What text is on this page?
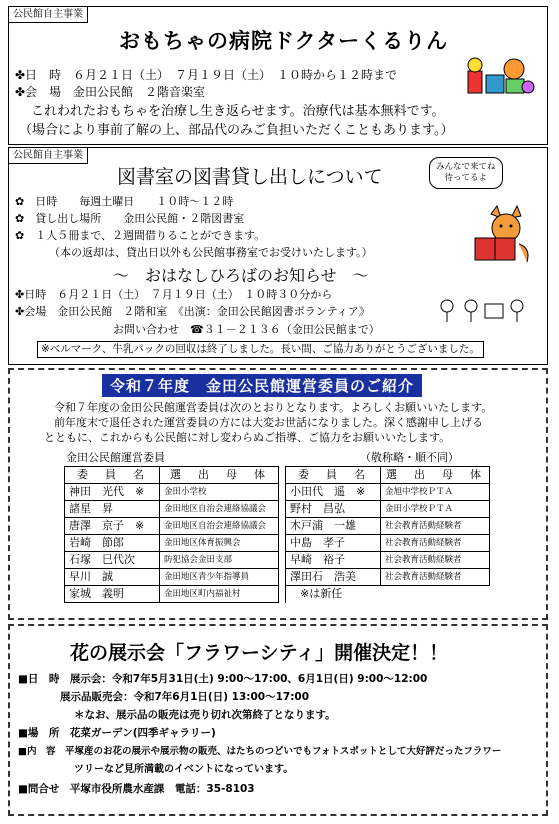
公民館自主事業
おもちゃの病院ドクターくるりん
✤日　時　６月２１日（土）　７月１９日（土）　１０時から１２時まで
✤会　場　金田公民館　２階音楽室
これわれたおもちゃを治療し生き返らせます。治療代は基本無料です。
（場合により事前了解の上、部品代のみご負担いただくこともあります。）
公民館自主事業
図書室の図書貸し出しについて	みんなで来てね
待ってるよ
✿　日時　　毎週土曜日　　１０時～１２時
✿　貸し出し場所　　金田公民館・２階図書室
✿　１人５冊まで、２週間借りることができます。
（本の返却は、貸出日以外も公民館事務室でお受けいたします。）
～　おはなしひろばのお知らせ　～
✤日時　６月２１日（土）　７月１９日（土）　１０時３０分から
✤会場　金田公民館　２階和室　《出演：金田公民館図書ボランティア》
お問い合わせ　☎３１－２１３６（金田公民館まで）
※ベルマーク、牛乳パックの回収は終了しました。長い間、ご協力ありがとうございました。
令和７年度　金田公民館運営委員のご紹介
令和７年度の金田公民館運営委員は次のとおりとなります。よろしくお願いいたします。
前年度末で退任された運営委員の方には大変お世話になりました。深く感謝申し上げる
とともに、これからも公民館に対し変わらぬご指導、ご協力をお願いいたします。
金田公民館運営委員	（敬称略・順不同）
委　員　名	選　出　母　体		委　員　名	選　出　母　体
神田　光代　※	金田小学校		小田代　遥　※	金旭中学校ＰＴＡ
諸星　昇	金田地区自治会連絡協議会		野村　昌弘	金田小学校ＰＴＡ
唐澤　京子　※	金田地区自治会連絡協議会		木戸浦　一雄	社会教育活動経験者
岩崎　節郎	金田地区体育振興会		中島　孝子	社会教育活動経験者
石塚　巳代次	防犯協会金田支部		早崎　裕子	社会教育活動経験者
早川　誠	金田地区青少年指導員		澤田石　浩美	社会教育活動経験者
家城　義明	金田地区町内福祉村		※は新任	
花の展示会「フラワーシティ」開催決定！！
■日　時　展示会：令和7年5月31日(土) 9:00～17:00、6月1日(日) 9:00～12:00
展示品販売会：令和7年6月1日(日) 13:00～17:00
＊なお、展示品の販売は売り切れ次第終了となります。
■場　所　花菜ガーデン(四季ギャラリー)
■内　容　平塚産のお花の展示や展示物の販売、はたちのつどいでもフォトスポットとして大好評だったフラワー
ツリーなど見所満載のイベントになっています。
■問合せ　平塚市役所農水産課　電話：35-8103
